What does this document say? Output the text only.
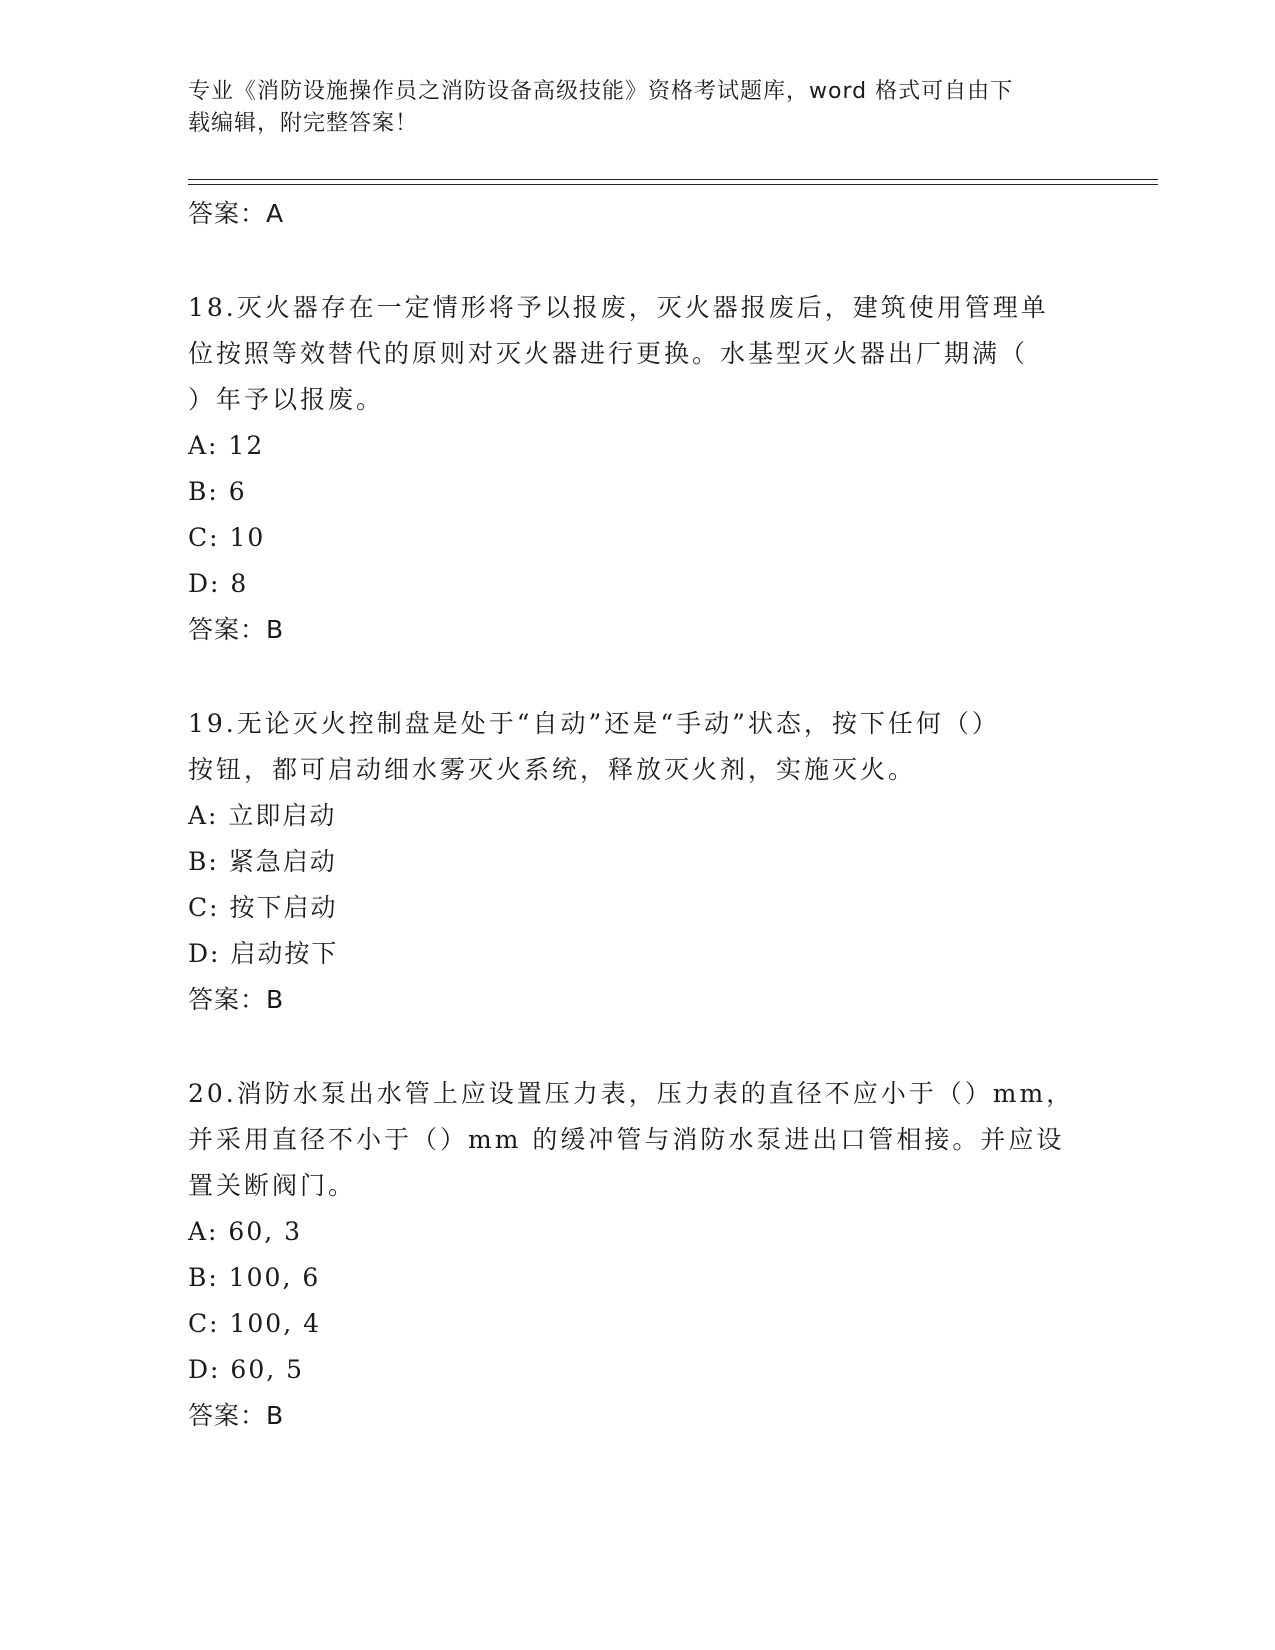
专业《消防设施操作员之消防设备高级技能》资格考试题库，word 格式可自由下
载编辑，附完整答案！
答案：A

18.灭火器存在一定情形将予以报废，灭火器报废后，建筑使用管理单
位按照等效替代的原则对灭火器进行更换。水基型灭火器出厂期满（
）年予以报废。

A: 12
B: 6
C: 10
D: 8
答案：B

19.无论灭火控制盘是处于“自动”还是“手动”状态，按下任何（）
按钮，都可启动细水雾灭火系统，释放灭火剂，实施灭火。

A: 立即启动
B: 紧急启动
C: 按下启动
D: 启动按下
答案：B

20.消防水泵出水管上应设置压力表，压力表的直径不应小于（）mm，
并采用直径不小于（）mm 的缓冲管与消防水泵进出口管相接。并应设
置关断阀门。

A: 60, 3
B: 100, 6
C: 100, 4
D: 60, 5
答案：B
